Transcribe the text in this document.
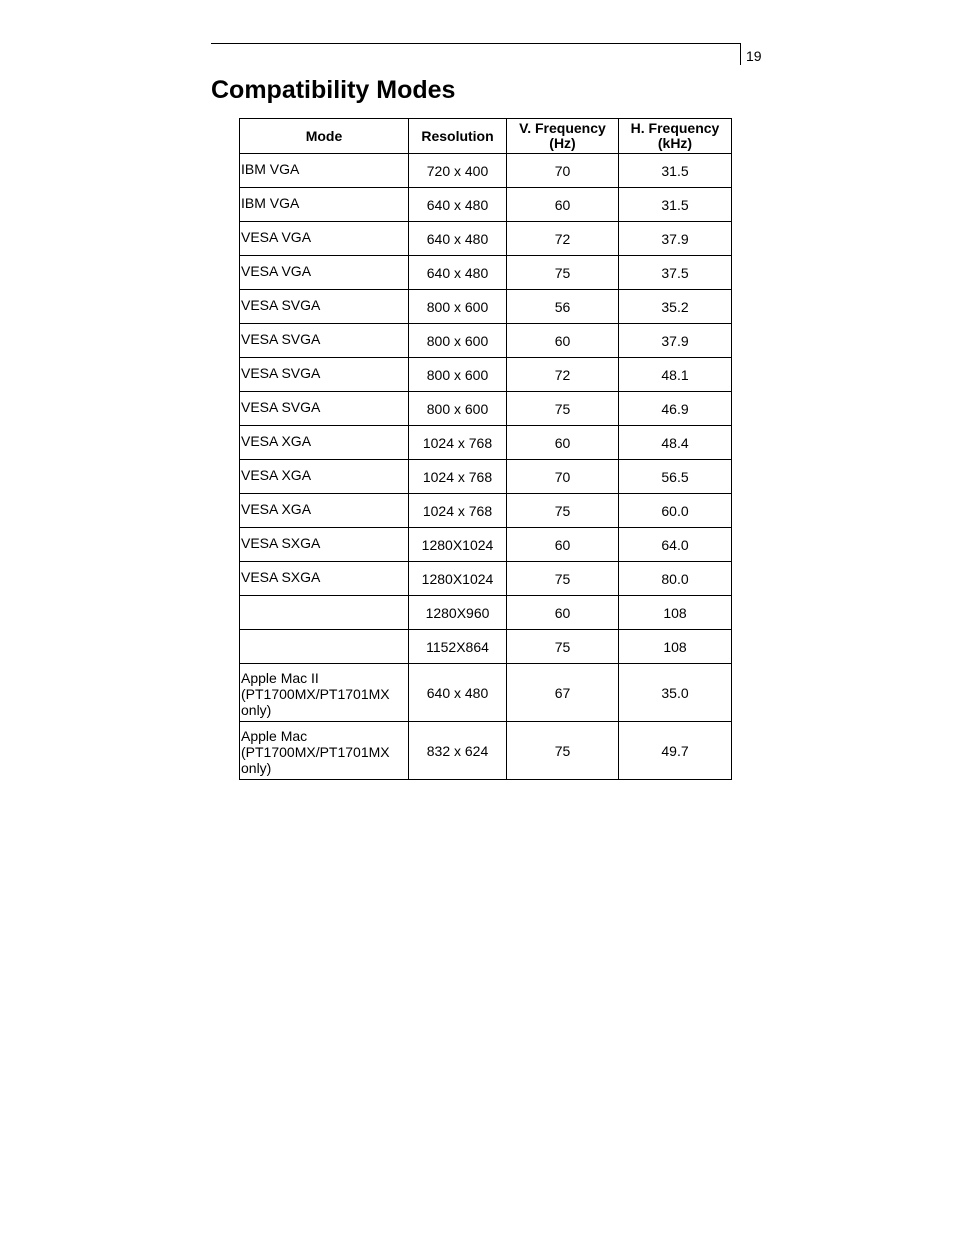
19
Compatibility Modes
Mode	Resolution	V. Frequency (Hz)	H. Frequency (kHz)
IBM VGA	720 x 400	70	31.5
IBM VGA	640 x 480	60	31.5
VESA VGA	640 x 480	72	37.9
VESA VGA	640 x 480	75	37.5
VESA SVGA	800 x 600	56	35.2
VESA SVGA	800 x 600	60	37.9
VESA SVGA	800 x 600	72	48.1
VESA SVGA	800 x 600	75	46.9
VESA XGA	1024 x 768	60	48.4
VESA XGA	1024 x 768	70	56.5
VESA XGA	1024 x 768	75	60.0
VESA SXGA	1280X1024	60	64.0
VESA SXGA	1280X1024	75	80.0
	1280X960	60	108
	1152X864	75	108
Apple Mac II (PT1700MX/PT1701MX only)	640 x 480	67	35.0
Apple Mac (PT1700MX/PT1701MX only)	832 x 624	75	49.7
